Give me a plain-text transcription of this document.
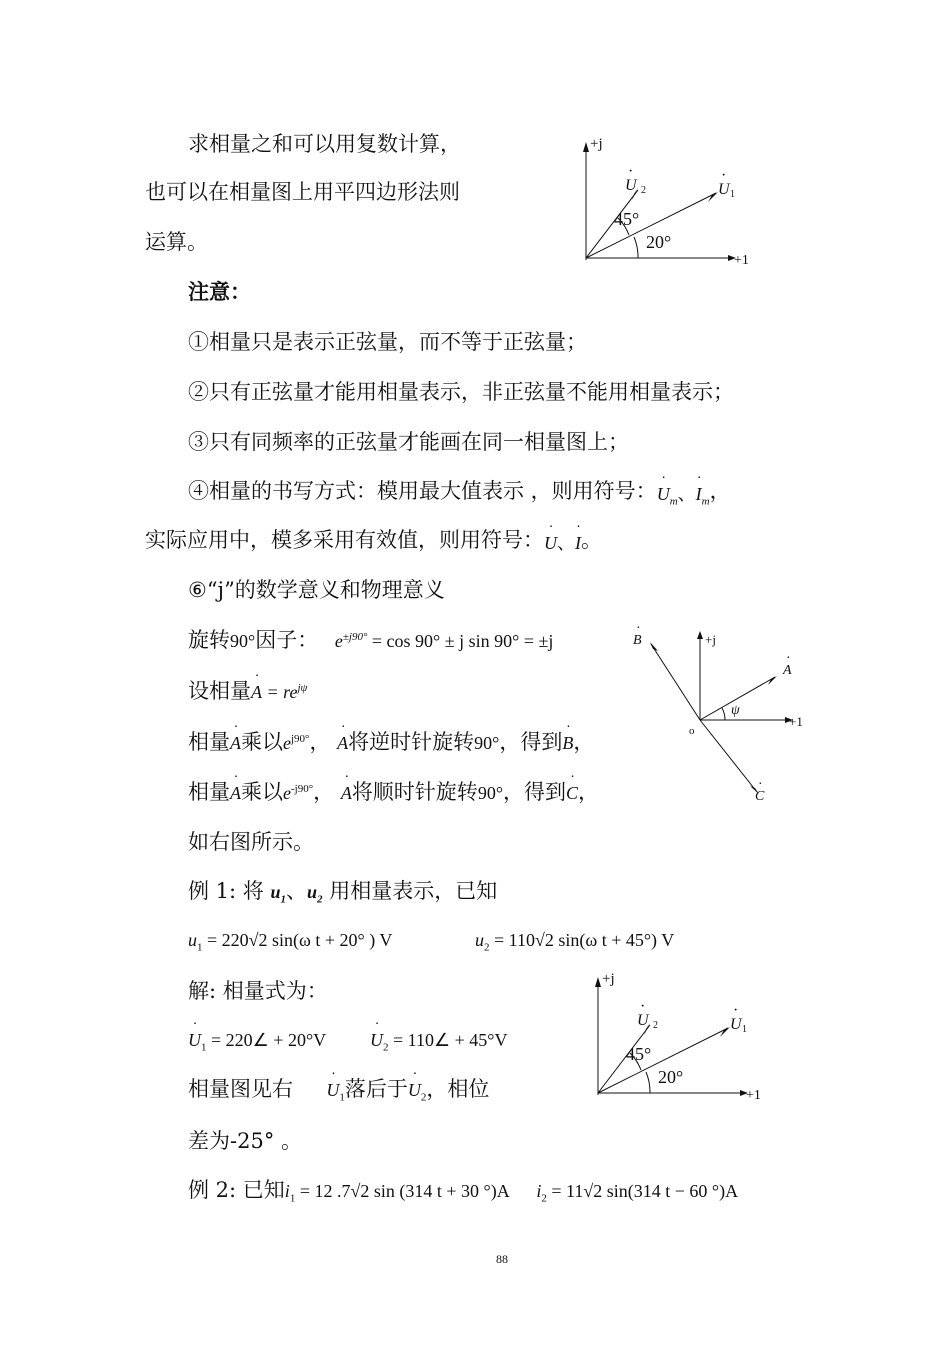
求相量之和可以用复数计算，
也可以在相量图上用平四边形法则
运算。
+j
+1
U 2
·
U 1
·
45°
20°
注意：
①相量只是表示正弦量，而不等于正弦量；
②只有正弦量才能用相量表示，非正弦量不能用相量表示；
③只有同频率的正弦量才能画在同一相量图上；
④相量的书写方式：模用最大值表示 ，则用符号：˙ $U_m$、˙ $I_m$，
实际应用中，模多采用有效值，则用符号：˙ U、˙ I。
⑥“j”的数学意义和物理意义
旋转90°因子： $e^{\pm j90^\circ} = \cos 90^\circ \pm j$ sin 90° = ±j
设相量˙ $A = re^{j\psi}$
相量˙ A乘以$e^{j90^\circ}$， ˙ A将逆时针旋转90°，得到˙ B，
相量˙ A乘以$e^{-j90^\circ}$， ˙ A将顺时针旋转90°，得到˙ C，
如右图所示。
+j
+1
o
A
·
B
·
C
·
ψ
例 1: 将 $u_1$、$u_2$ 用相量表示，已知
$u_1 = 220√2$ sin(ω t + 20° ) V	$u_2 = 110√2$ sin(ω t + 45°) V
解: 相量式为：
˙ $U_1$ = 220∠ + 20°V ˙ $U_2$ = 110∠ + 45°V
相量图见右 ˙ $U_1$落后于˙ $U_2$，相位
差为-25° 。
+j
+1
U 2
·
U 1
·
45°
20°
例 2: 已知$i_1 = 12$ .7√2 sin (314 t + 30 °)A $i_2 = 11√2$ sin(314 t − 60 °)A
88
